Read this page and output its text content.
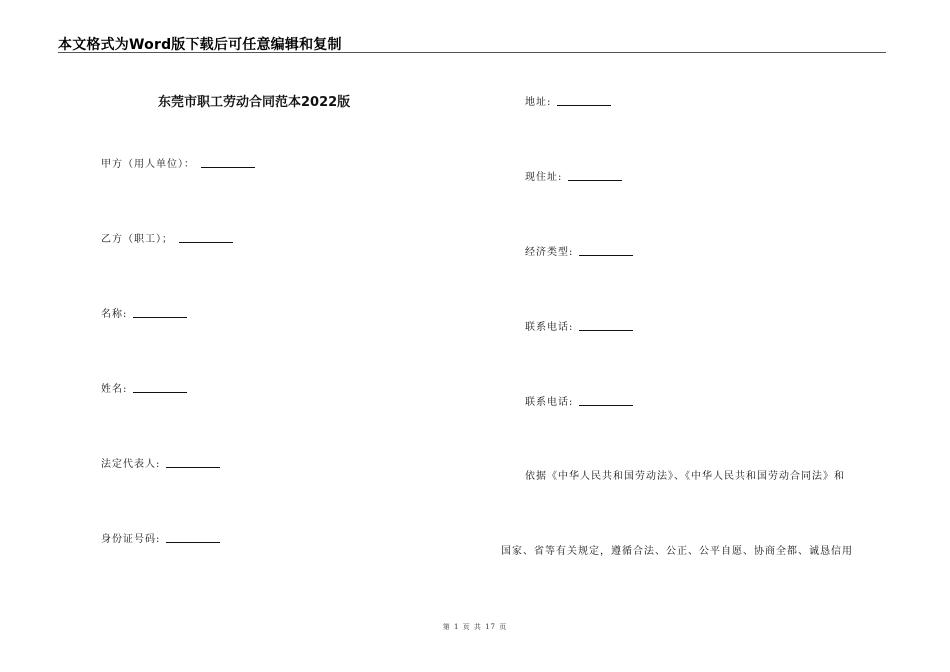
本文格式为Word版下载后可任意编辑和复制
东莞市职工劳动合同范本2022版
甲方（用人单位）：
乙方（职工）；
名称:
姓名:
法定代表人:
身份证号码:
地址:
现住址:
经济类型:
联系电话:
联系电话:
依据《中华人民共和国劳动法》、《中华人民共和国劳动合同法》和
国家、省等有关规定，遵循合法、公正、公平自愿、协商全都、诚恳信用
第 1 页 共 17 页
